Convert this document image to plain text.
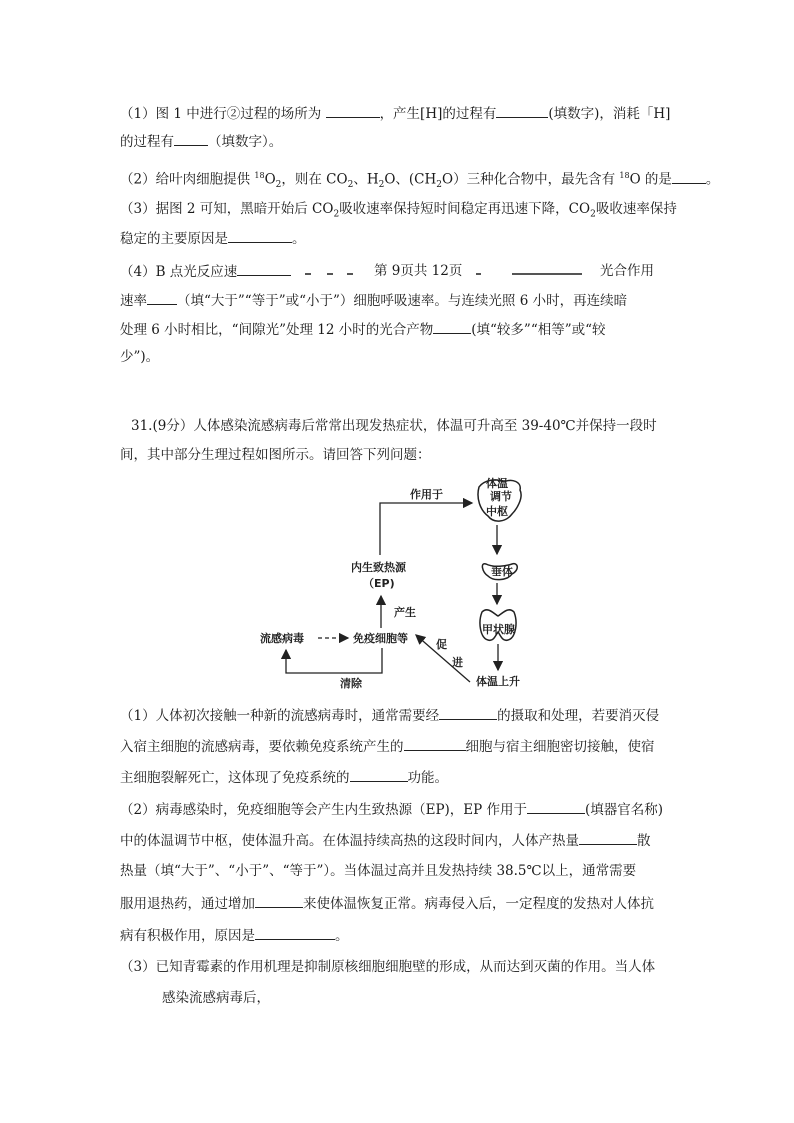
（1）图 1 中进行②过程的场所为	，产生[H]的过程有	(填数字)，消耗「H]
的过程有	（填数字）。
（2）给叶肉细胞提供 $^{18}O_2$，则在 $CO_2$、$H_2O$、$(CH_2O)$三种化合物中，最先含有 $^{18}$O 的是	。
（3）据图 2 可知，黑暗开始后 $CO_2$吸收速率保持短时间稳定再迅速下降，$CO_2$吸收速率保持
稳定的主要原因是	。
（4）B 点光反应速	光合作用
第 9页共 12页
速率 （填“大于”“等于”或“小于”）细胞呼吸速率。与连续光照 6 小时，再连续暗
处理 6 小时相比，“间隙光”处理 12 小时的光合产物	(填“较多”“相等”或“较
少”)。
31.(9分）人体感染流感病毒后常常出现发热症状，体温可升高至 39-40℃并保持一段时
间，其中部分生理过程如图所示。请回答下列问题：
作用于
体温
调节
中枢
垂体
甲状腺
体温上升
内生致热源
（EP)
产生
流感病毒	免疫细胞等	促
进
清除
（1）人体初次接触一种新的流感病毒时，通常需要经	的摄取和处理，若要消灭侵
入宿主细胞的流感病毒，要依赖免疫系统产生的	细胞与宿主细胞密切接触，使宿
主细胞裂解死亡，这体现了免疫系统的	功能。
（2）病毒感染时，免疫细胞等会产生内生致热源（EP)，EP 作用于	(填器官名称)
中的体温调节中枢，使体温升高。在体温持续高热的这段时间内，人体产热量	散
热量（填“大于”、“小于”、“等于”）。当体温过高并且发热持续 38.5℃以上，通常需要
服用退热药，通过增加	来使体温恢复正常。病毒侵入后，一定程度的发热对人体抗
病有积极作用，原因是	。
（3）已知青霉素的作用机理是抑制原核细胞细胞壁的形成，从而达到灭菌的作用。当人体
感染流感病毒后，
